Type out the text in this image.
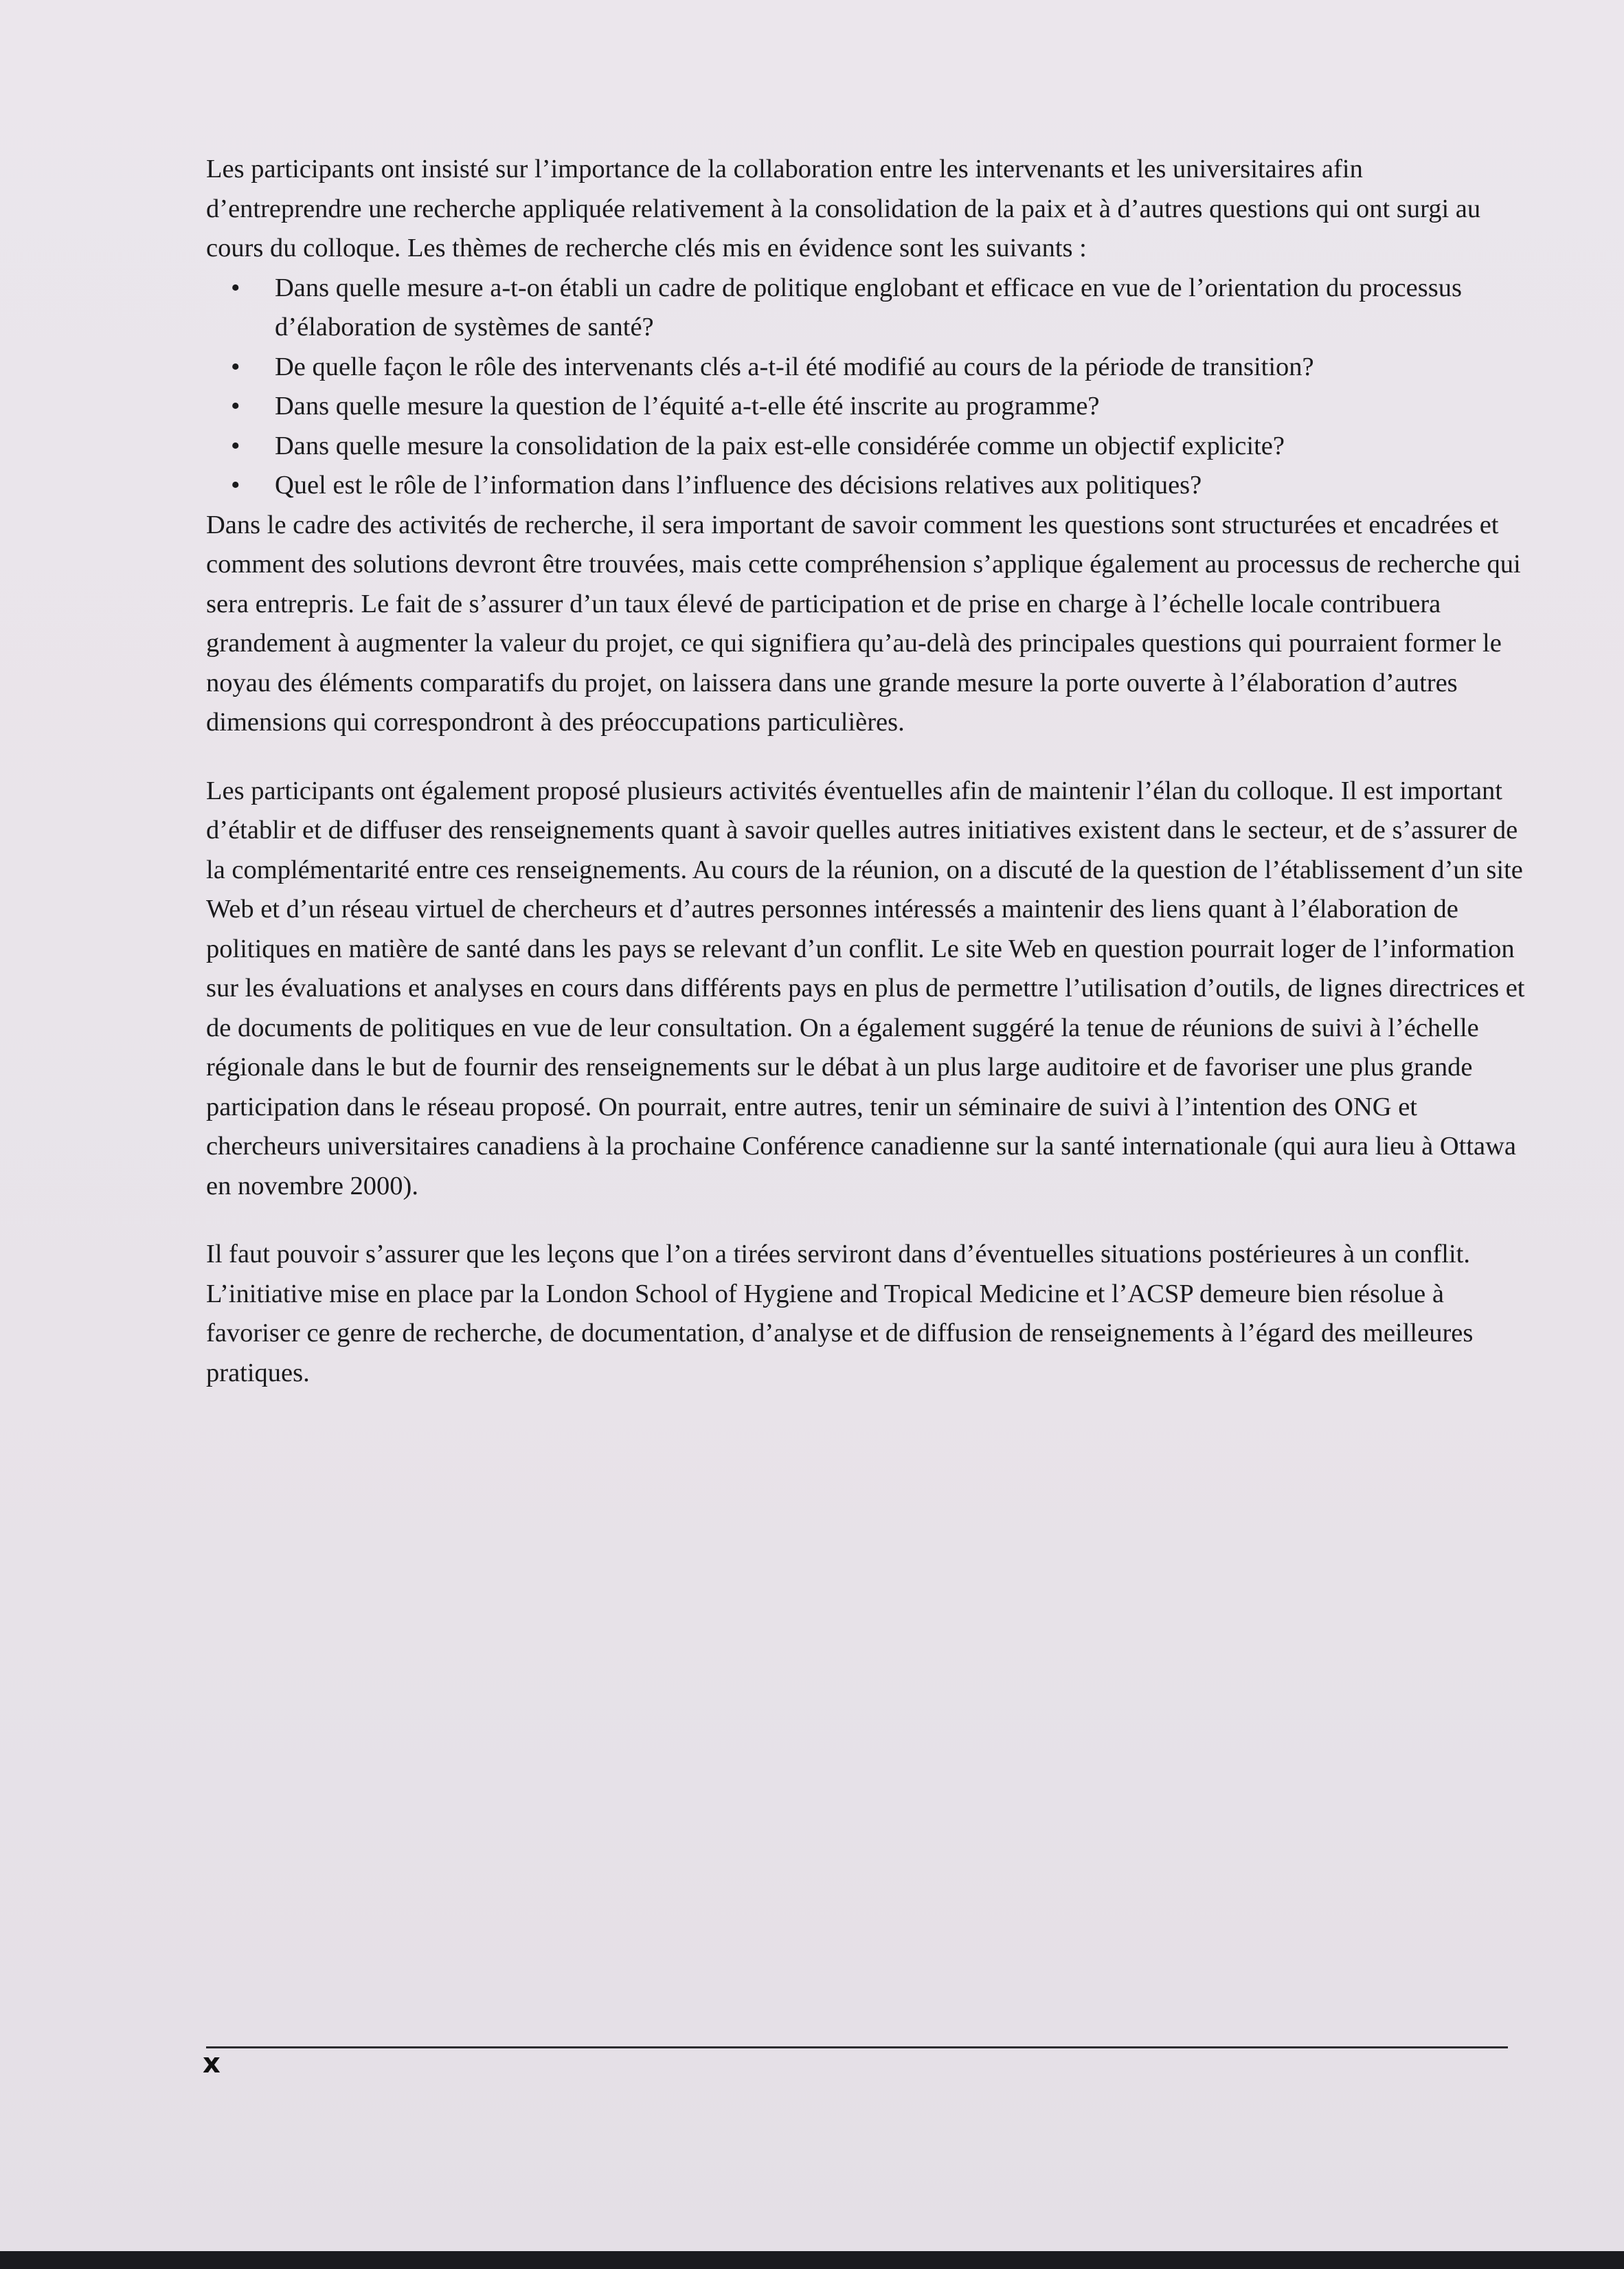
Les participants ont insisté sur l’importance de la collaboration entre les intervenants et les universitaires afin d’entreprendre une recherche appliquée relativement à la consolidation de la paix et à d’autres questions qui ont surgi au cours du colloque. Les thèmes de recherche clés mis en évidence sont les suivants :

• Dans quelle mesure a-t-on établi un cadre de politique englobant et efficace en vue de l’orientation du processus d’élaboration de systèmes de santé?
• De quelle façon le rôle des intervenants clés a-t-il été modifié au cours de la période de transition?
• Dans quelle mesure la question de l’équité a-t-elle été inscrite au programme?
• Dans quelle mesure la consolidation de la paix est-elle considérée comme un objectif explicite?
• Quel est le rôle de l’information dans l’influence des décisions relatives aux politiques?

Dans le cadre des activités de recherche, il sera important de savoir comment les questions sont structurées et encadrées et comment des solutions devront être trouvées, mais cette compréhension s’applique également au processus de recherche qui sera entrepris. Le fait de s’assurer d’un taux élevé de participation et de prise en charge à l’échelle locale contribuera grandement à augmenter la valeur du projet, ce qui signifiera qu’au-delà des principales questions qui pourraient former le noyau des éléments comparatifs du projet, on laissera dans une grande mesure la porte ouverte à l’élaboration d’autres dimensions qui correspondront à des préoccupations particulières.

Les participants ont également proposé plusieurs activités éventuelles afin de maintenir l’élan du colloque. Il est important d’établir et de diffuser des renseignements quant à savoir quelles autres initiatives existent dans le secteur, et de s’assurer de la complémentarité entre ces renseignements. Au cours de la réunion, on a discuté de la question de l’établissement d’un site Web et d’un réseau virtuel de chercheurs et d’autres personnes intéressés a maintenir des liens quant à l’élaboration de politiques en matière de santé dans les pays se relevant d’un conflit. Le site Web en question pourrait loger de l’information sur les évaluations et analyses en cours dans différents pays en plus de permettre l’utilisation d’outils, de lignes directrices et de documents de politiques en vue de leur consultation. On a également suggéré la tenue de réunions de suivi à l’échelle régionale dans le but de fournir des renseignements sur le débat à un plus large auditoire et de favoriser une plus grande participation dans le réseau proposé. On pourrait, entre autres, tenir un séminaire de suivi à l’intention des ONG et chercheurs universitaires canadiens à la prochaine Conférence canadienne sur la santé internationale (qui aura lieu à Ottawa en novembre 2000).

Il faut pouvoir s’assurer que les leçons que l’on a tirées serviront dans d’éventuelles situations postérieures à un conflit. L’initiative mise en place par la London School of Hygiene and Tropical Medicine et l’ACSP demeure bien résolue à favoriser ce genre de recherche, de documentation, d’analyse et de diffusion de renseignements à l’égard des meilleures pratiques.

x
